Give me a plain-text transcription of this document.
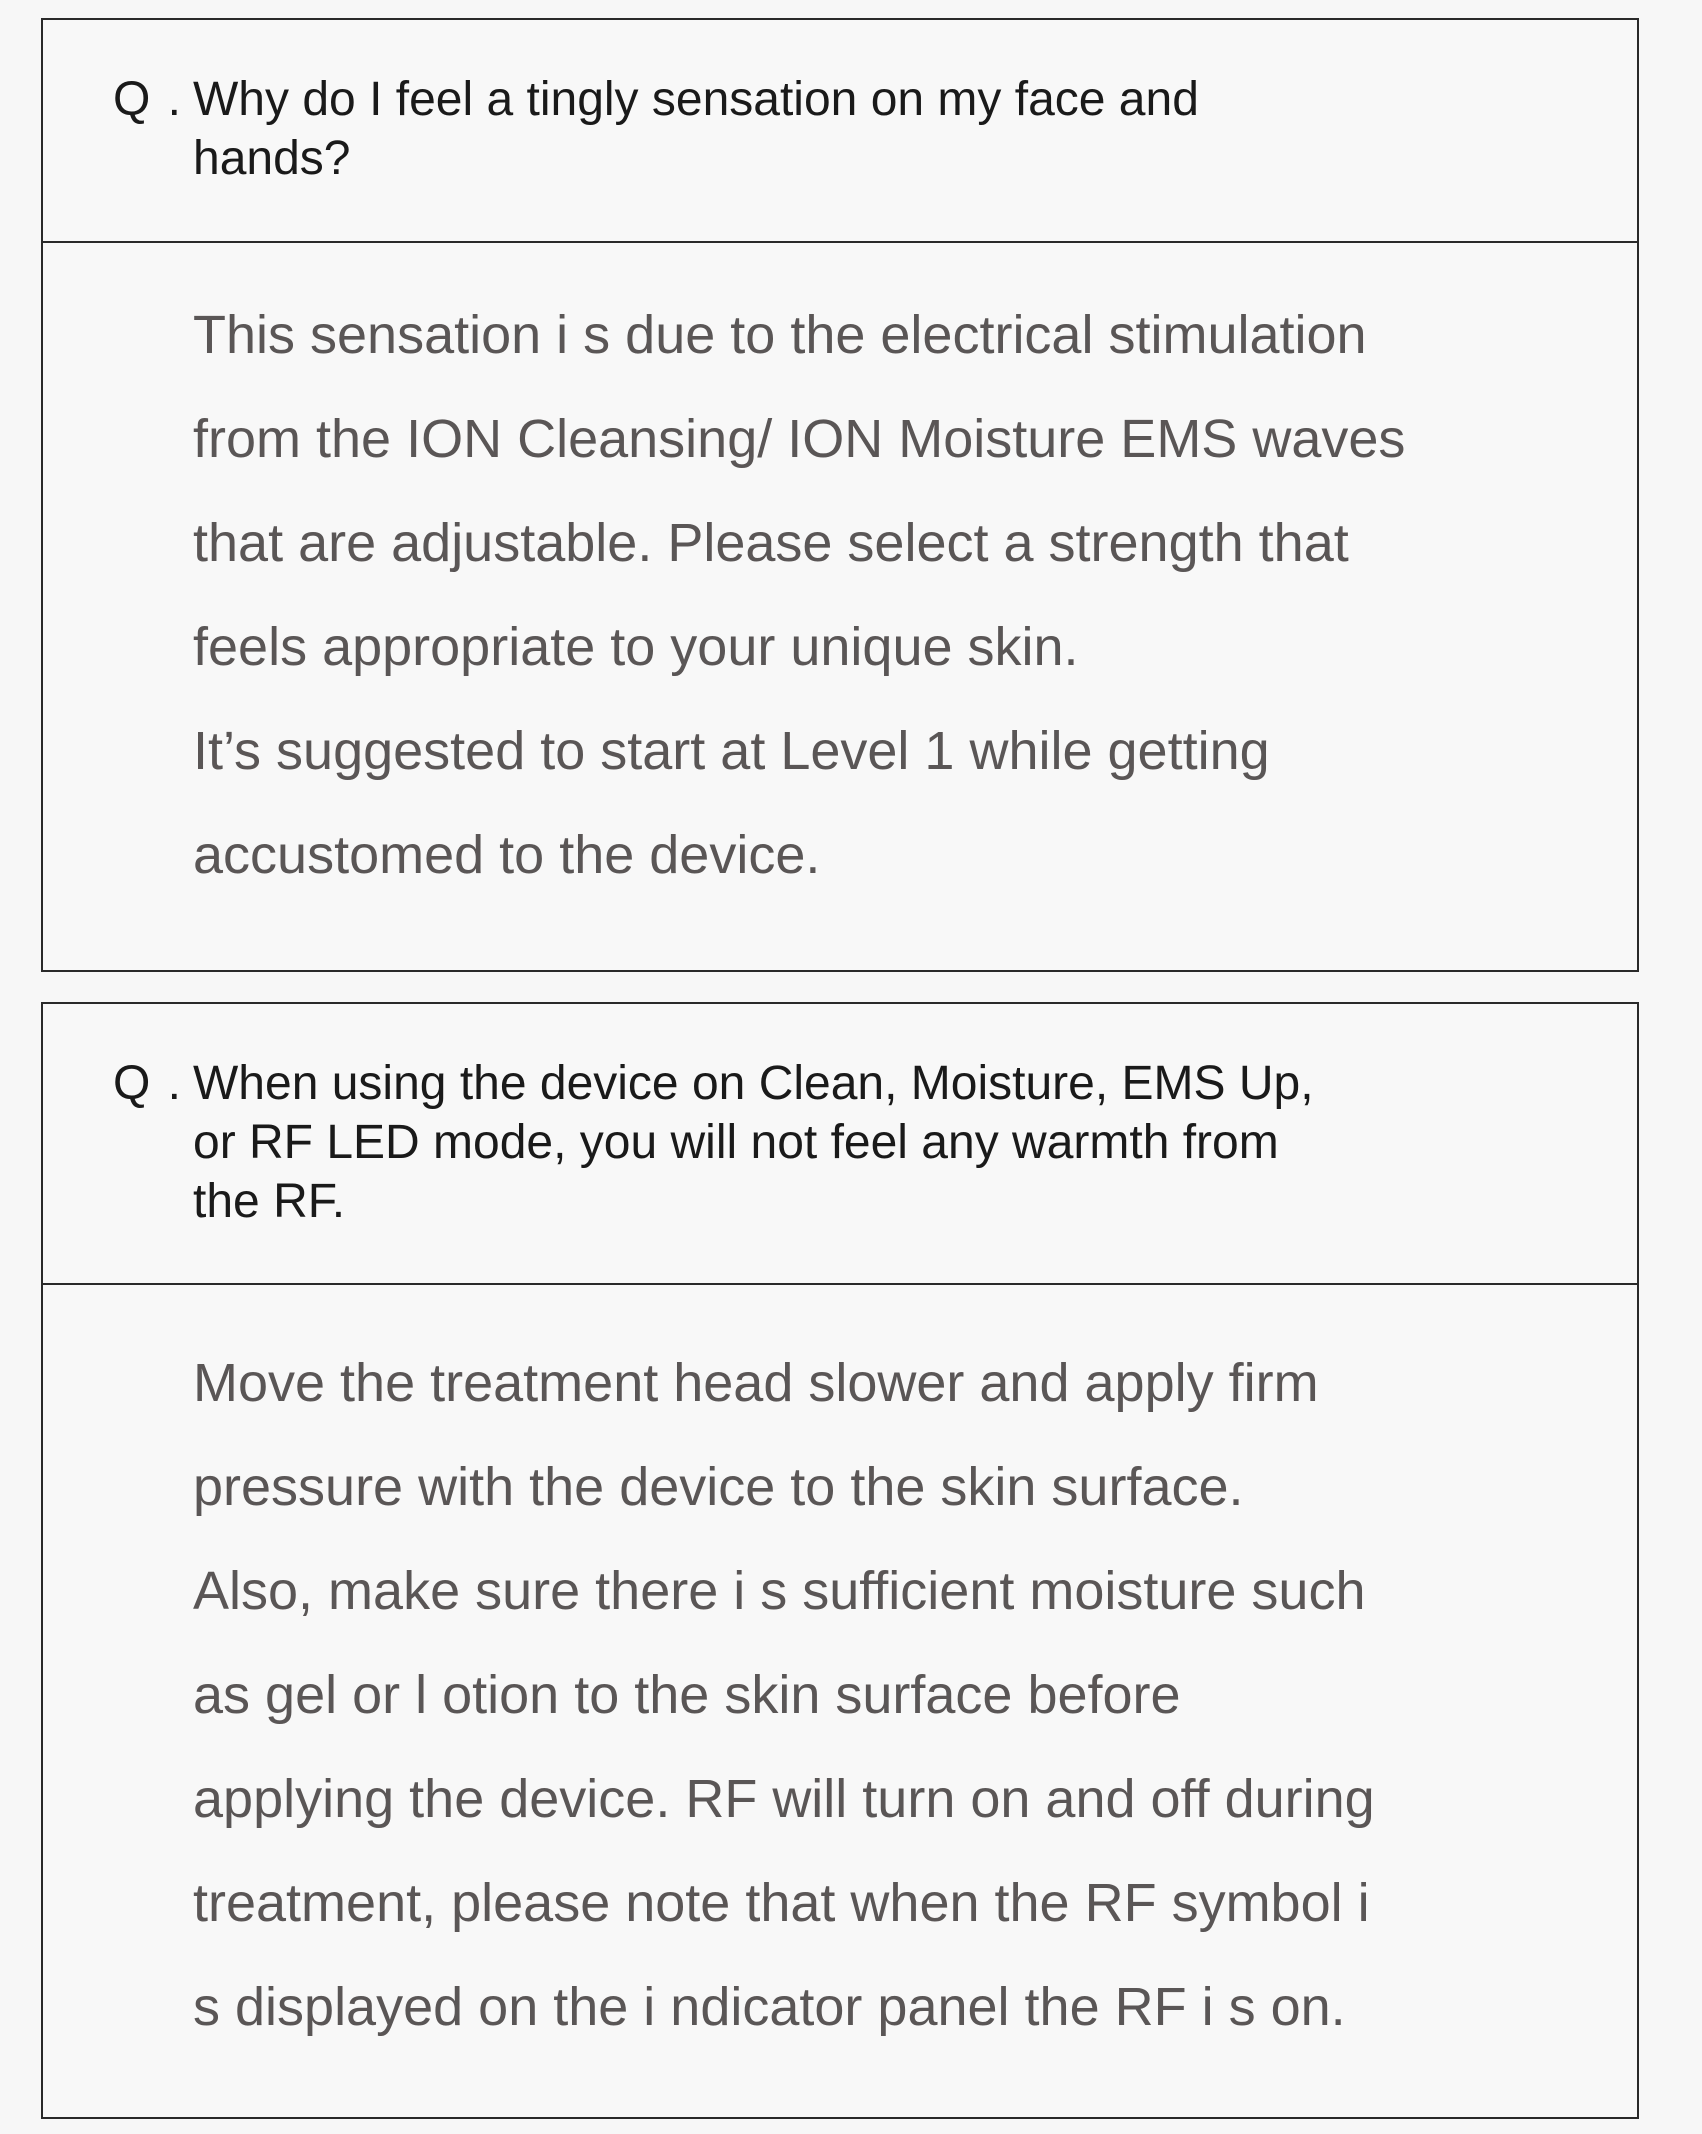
Q . Why do I feel a tingly sensation on my face and
hands?

This sensation i s due to the electrical stimulation
from the ION Cleansing/ ION Moisture EMS waves
that are adjustable. Please select a strength that
feels appropriate to your unique skin.
It’s suggested to start at Level 1 while getting
accustomed to the device.

Q . When using the device on Clean, Moisture, EMS Up,
or RF LED mode, you will not feel any warmth from
the RF.

Move the treatment head slower and apply firm
pressure with the device to the skin surface.
Also, make sure there i s sufficient moisture such
as gel or l otion to the skin surface before
applying the device. RF will turn on and off during
treatment, please note that when the RF symbol i
s displayed on the i ndicator panel the RF i s on.
